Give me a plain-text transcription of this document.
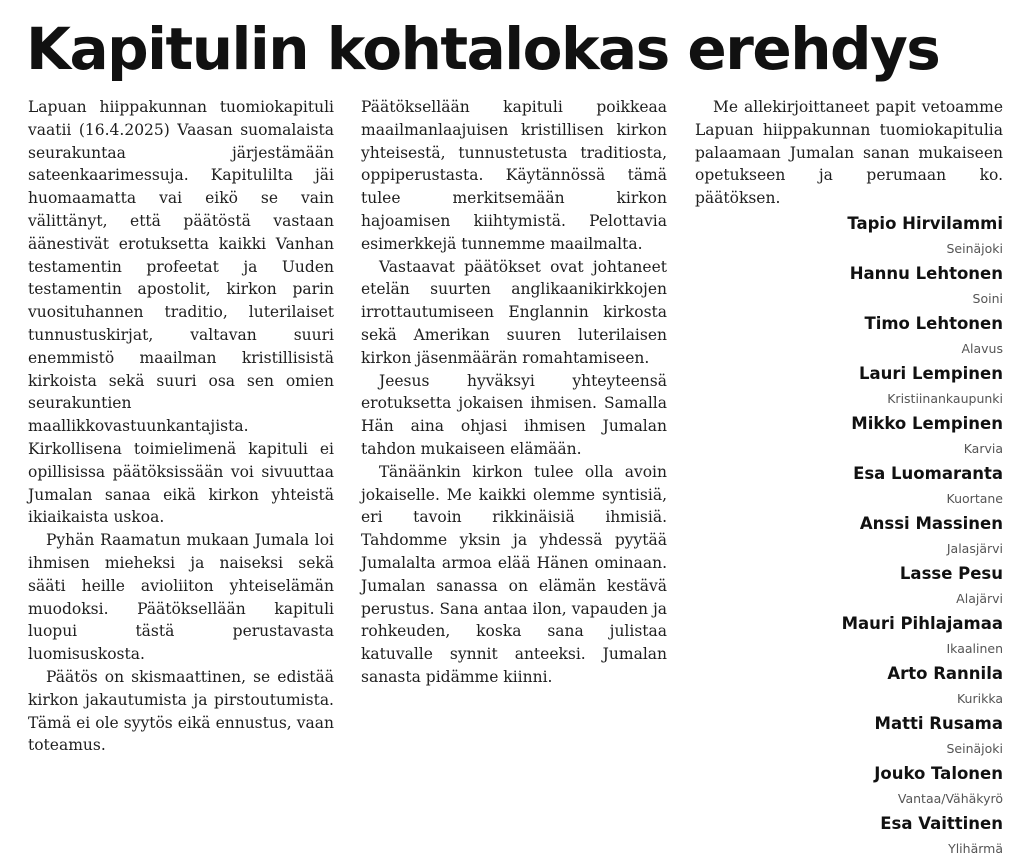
Kapitulin kohtalokas erehdys

Lapuan hiippakunnan tuomiokapituli vaatii (16.4.2025) Vaasan suomalaista seurakuntaa järjestämään sateenkaarimessuja. Kapitulilta jäi huomaamatta vai eikö se vain välittänyt, että päätöstä vastaan äänestivät erotuksetta kaikki Vanhan testamentin profeetat ja Uuden testamentin apostolit, kirkon parin vuosituhannen traditio, luterilaiset tunnustuskirjat, valtavan suuri enemmistö maailman kristillisistä kirkoista sekä suuri osa sen omien seurakuntien maallikkovastuunkantajista. Kirkollisena toimielimenä kapituli ei opillisissa päätöksissään voi sivuuttaa Jumalan sanaa eikä kirkon yhteistä ikiaikaista uskoa.

Pyhän Raamatun mukaan Jumala loi ihmisen mieheksi ja naiseksi sekä sääti heille avioliiton yhteiselämän muodoksi. Päätöksellään kapituli luopui tästä perustavasta luomisuskosta.

Päätös on skismaattinen, se edistää kirkon jakautumista ja pirstoutumista. Tämä ei ole syytös eikä ennustus, vaan toteamus.

Päätöksellään kapituli poikkeaa maailmanlaajuisen kristillisen kirkon yhteisestä, tunnustetusta traditiosta, oppiperustasta. Käytännössä tämä tulee merkitsemään kirkon hajoamisen kiihtymistä. Pelottavia esimerkkejä tunnemme maailmalta.

Vastaavat päätökset ovat johtaneet etelän suurten anglikaanikirkkojen irrottautumiseen Englannin kirkosta sekä Amerikan suuren luterilaisen kirkon jäsenmäärän romahtamiseen.

Jeesus hyväksyi yhteyteensä erotuksetta jokaisen ihmisen. Samalla Hän aina ohjasi ihmisen Jumalan tahdon mukaiseen elämään.

Tänäänkin kirkon tulee olla avoin jokaiselle. Me kaikki olemme syntisiä, eri tavoin rikkinäisiä ihmisiä. Tahdomme yksin ja yhdessä pyytää Jumalalta armoa elää Hänen ominaan. Jumalan sanassa on elämän kestävä perustus. Sana antaa ilon, vapauden ja rohkeuden, koska sana julistaa katuvalle synnit anteeksi. Jumalan sanasta pidämme kiinni.

Me allekirjoittaneet papit vetoamme Lapuan hiippakunnan tuomiokapitulia palaamaan Jumalan sanan mukaiseen opetukseen ja perumaan ko. päätöksen.

Tapio Hirvilammi
Seinäjoki
Hannu Lehtonen
Soini
Timo Lehtonen
Alavus
Lauri Lempinen
Kristiinankaupunki
Mikko Lempinen
Karvia
Esa Luomaranta
Kuortane
Anssi Massinen
Jalasjärvi
Lasse Pesu
Alajärvi
Mauri Pihlajamaa
Ikaalinen
Arto Rannila
Kurikka
Matti Rusama
Seinäjoki
Jouko Talonen
Vantaa/Vähäkyrö
Esa Vaittinen
Ylihärmä
